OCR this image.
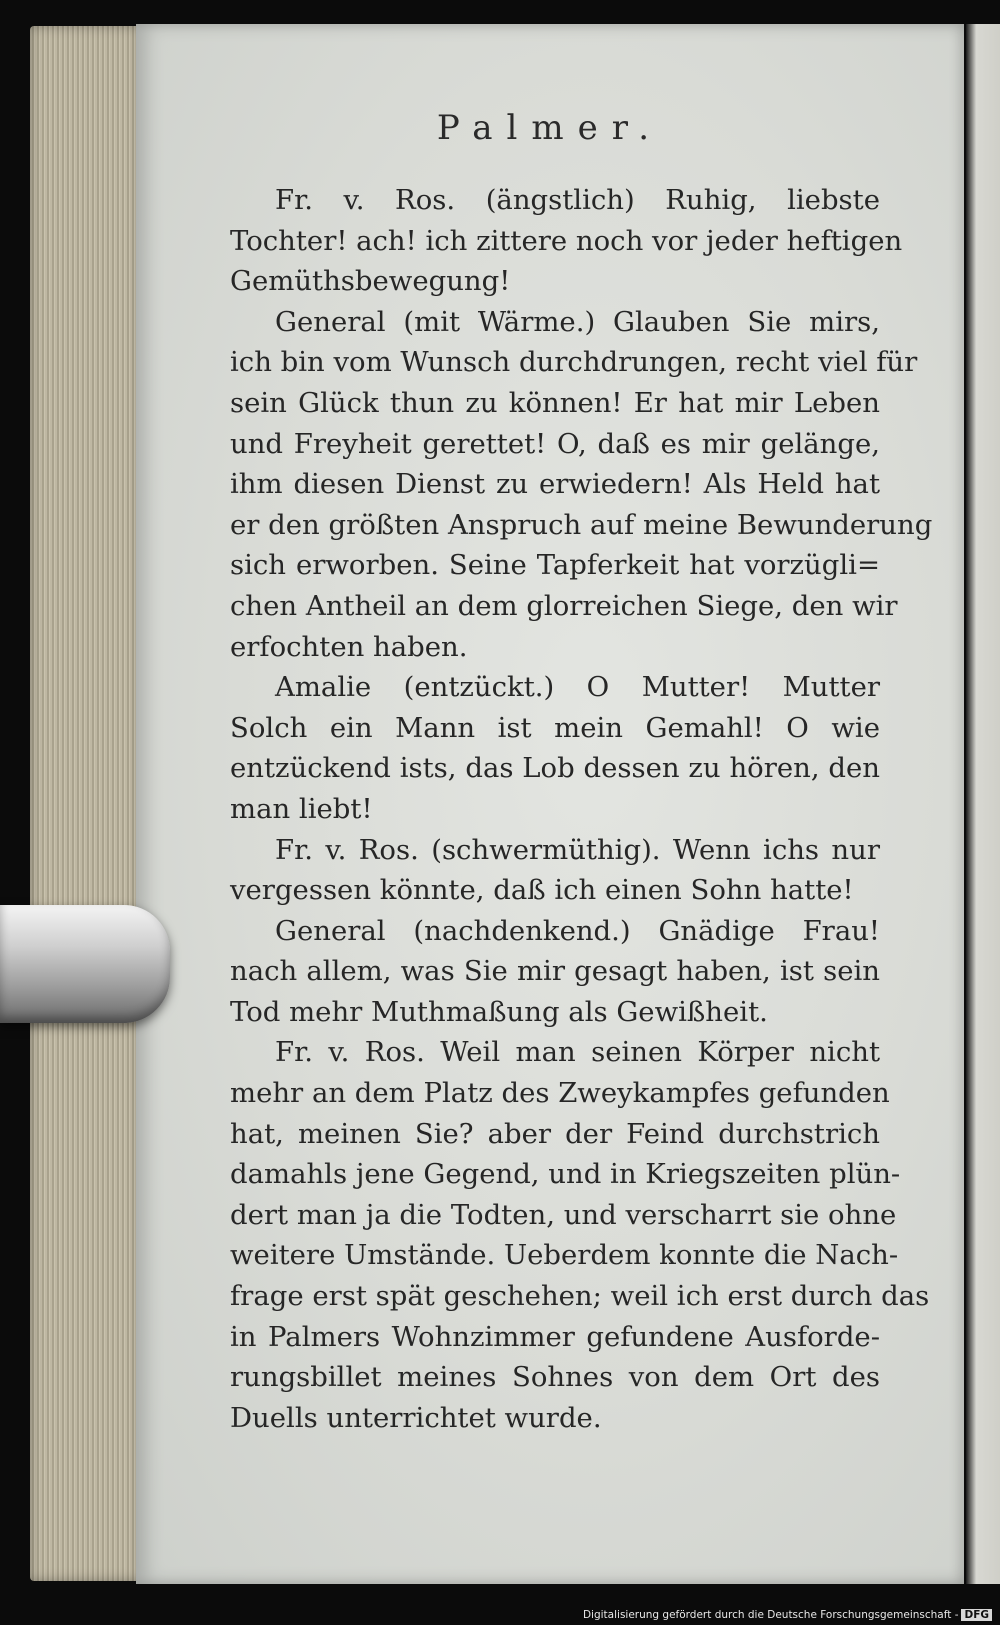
Palmer.
Fr. v. Ros. (ängstlich) Ruhig, liebste
Tochter! ach! ich zittere noch vor jeder heftigen
Gemüthsbewegung!
General (mit Wärme.) Glauben Sie mirs,
ich bin vom Wunsch durchdrungen, recht viel für
sein Glück thun zu können! Er hat mir Leben
und Freyheit gerettet! O, daß es mir gelänge,
ihm diesen Dienst zu erwiedern! Als Held hat
er den größten Anspruch auf meine Bewunderung
sich erworben. Seine Tapferkeit hat vorzügli=
chen Antheil an dem glorreichen Siege, den wir
erfochten haben.
Amalie (entzückt.) O Mutter! Mutter
Solch ein Mann ist mein Gemahl! O wie
entzückend ists, das Lob dessen zu hören, den
man liebt!
Fr. v. Ros. (schwermüthig). Wenn ichs nur
vergessen könnte, daß ich einen Sohn hatte!
General (nachdenkend.) Gnädige Frau!
nach allem, was Sie mir gesagt haben, ist sein
Tod mehr Muthmaßung als Gewißheit.
Fr. v. Ros. Weil man seinen Körper nicht
mehr an dem Platz des Zweykampfes gefunden
hat, meinen Sie? aber der Feind durchstrich
damahls jene Gegend, und in Kriegszeiten plün-
dert man ja die Todten, und verscharrt sie ohne
weitere Umstände. Ueberdem konnte die Nach-
frage erst spät geschehen; weil ich erst durch das
in Palmers Wohnzimmer gefundene Ausforde-
rungsbillet meines Sohnes von dem Ort des
Duells unterrichtet wurde.
Digitalisierung gefördert durch die Deutsche Forschungsgemeinschaft - DFG
